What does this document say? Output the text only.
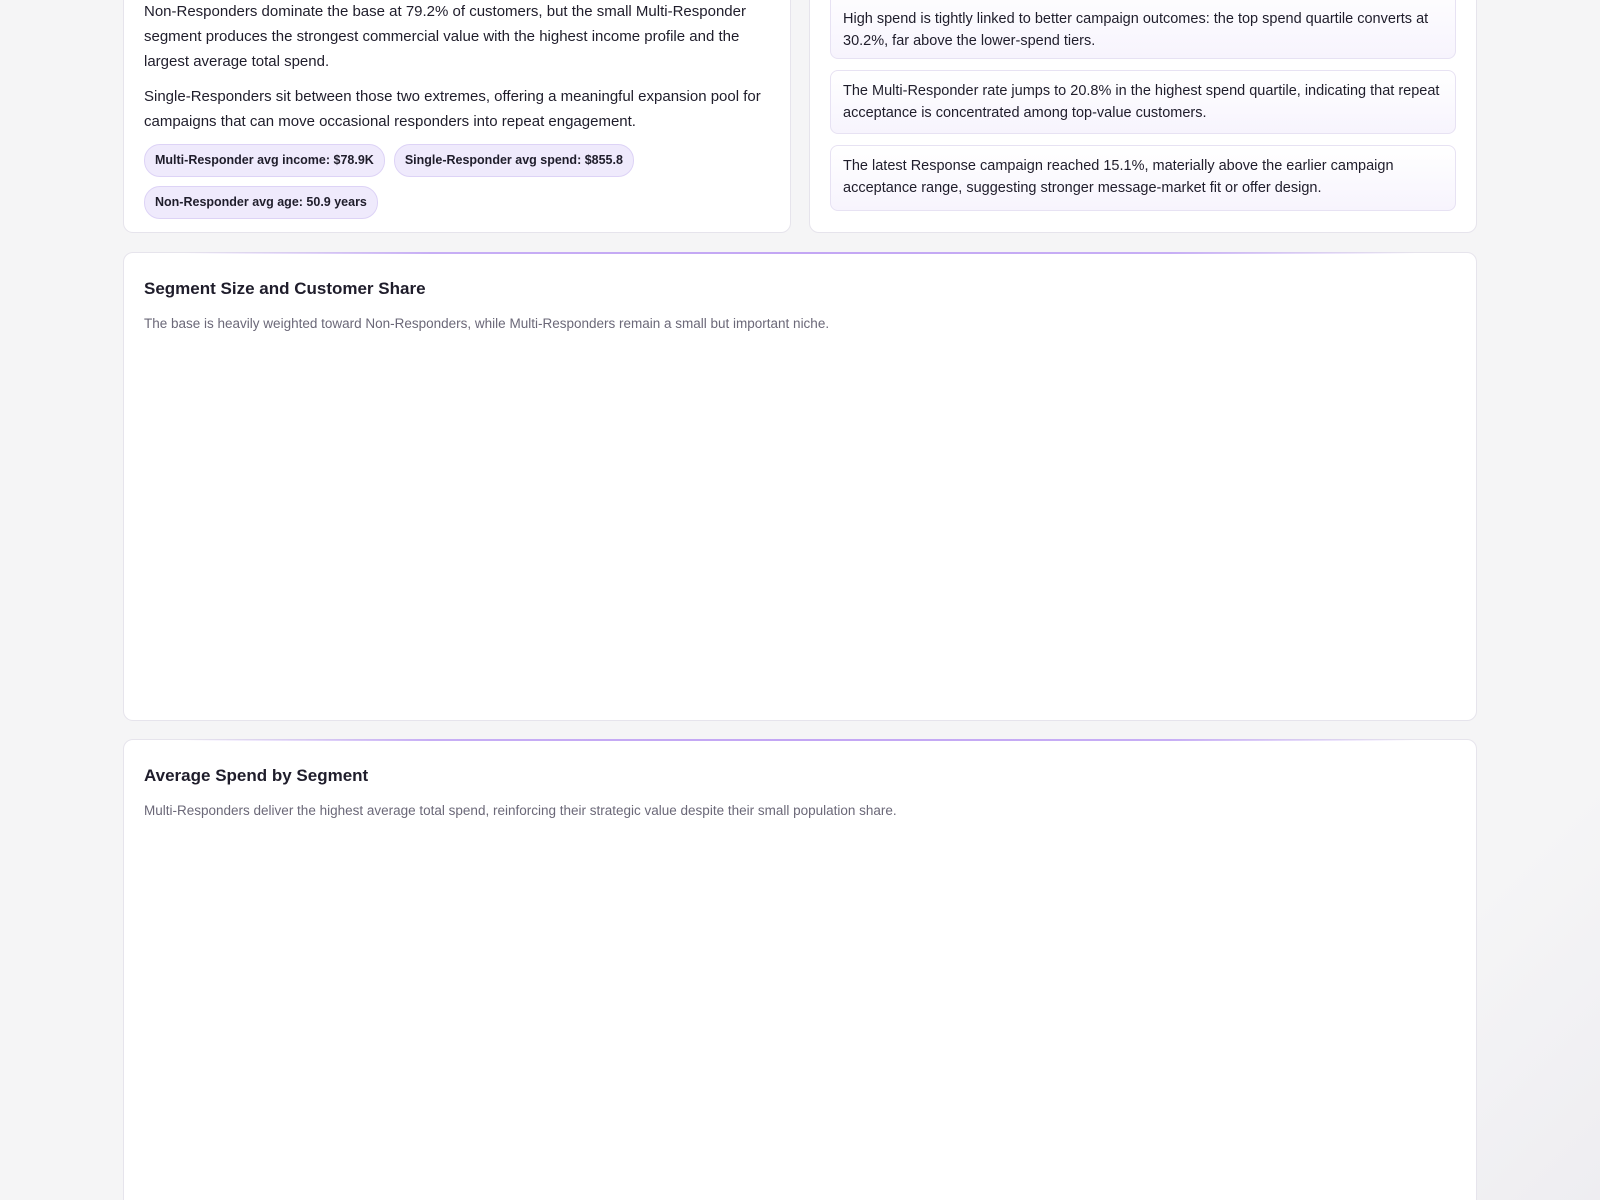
Non-Responders dominate the base at 79.2% of customers, but the small Multi-Responder segment produces the strongest commercial value with the highest income profile and the largest average total spend.

Single-Responders sit between those two extremes, offering a meaningful expansion pool for campaigns that can move occasional responders into repeat engagement.

Multi-Responder avg income: $78.9K	Single-Responder avg spend: $855.8
Non-Responder avg age: 50.9 years
High spend is tightly linked to better campaign outcomes: the top spend quartile converts at 30.2%, far above the lower-spend tiers.
The Multi-Responder rate jumps to 20.8% in the highest spend quartile, indicating that repeat acceptance is concentrated among top-value customers.
The latest Response campaign reached 15.1%, materially above the earlier campaign acceptance range, suggesting stronger message-market fit or offer design.
Segment Size and Customer Share
The base is heavily weighted toward Non-Responders, while Multi-Responders remain a small but important niche.
Average Spend by Segment
Multi-Responders deliver the highest average total spend, reinforcing their strategic value despite their small population share.
